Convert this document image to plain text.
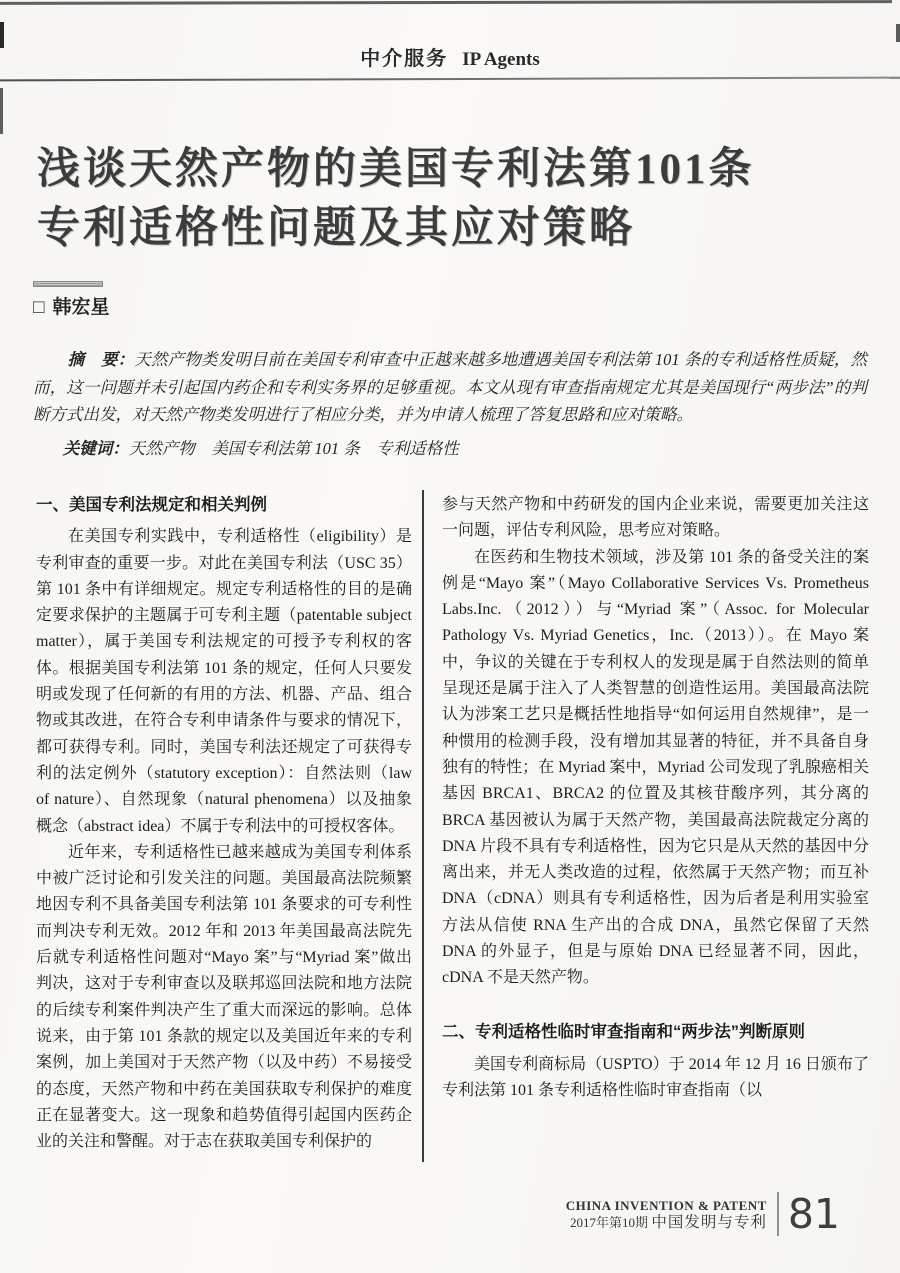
中介服务 IP Agents
浅谈天然产物的美国专利法第101条
专利适格性问题及其应对策略
□ 韩宏星

摘　要：天然产物类发明目前在美国专利审查中正越来越多地遭遇美国专利法第 101 条的专利适格性质疑，然而，这一问题并未引起国内药企和专利实务界的足够重视。本文从现有审查指南规定尤其是美国现行“两步法”的判断方式出发，对天然产物类发明进行了相应分类，并为申请人梳理了答复思路和应对策略。

关键词：天然产物　美国专利法第 101 条　专利适格性

一、美国专利法规定和相关判例

在美国专利实践中，专利适格性（eligibility）是专利审查的重要一步。对此在美国专利法（USC 35）第 101 条中有详细规定。规定专利适格性的目的是确定要求保护的主题属于可专利主题（patentable subject matter），属于美国专利法规定的可授予专利权的客体。根据美国专利法第 101 条的规定，任何人只要发明或发现了任何新的有用的方法、机器、产品、组合物或其改进，在符合专利申请条件与要求的情况下，都可获得专利。同时，美国专利法还规定了可获得专利的法定例外（statutory exception）：自然法则（law of nature）、自然现象（natural phenomena）以及抽象概念（abstract idea）不属于专利法中的可授权客体。

近年来，专利适格性已越来越成为美国专利体系中被广泛讨论和引发关注的问题。美国最高法院频繁地因专利不具备美国专利法第 101 条要求的可专利性而判决专利无效。2012 年和 2013 年美国最高法院先后就专利适格性问题对“Mayo 案”与“Myriad 案”做出判决，这对于专利审查以及联邦巡回法院和地方法院的后续专利案件判决产生了重大而深远的影响。总体说来，由于第 101 条款的规定以及美国近年来的专利案例，加上美国对于天然产物（以及中药）不易接受的态度，天然产物和中药在美国获取专利保护的难度正在显著变大。这一现象和趋势值得引起国内医药企业的关注和警醒。对于志在获取美国专利保护的

参与天然产物和中药研发的国内企业来说，需要更加关注这一问题，评估专利风险，思考应对策略。

在医药和生物技术领域，涉及第 101 条的备受关注的案例是“Mayo 案”（Mayo Collaborative Services Vs. Prometheus Labs.Inc.（2012））与“Myriad 案”（Assoc. for Molecular Pathology Vs. Myriad Genetics，Inc.（2013））。在 Mayo 案中，争议的关键在于专利权人的发现是属于自然法则的简单呈现还是属于注入了人类智慧的创造性运用。美国最高法院认为涉案工艺只是概括性地指导“如何运用自然规律”，是一种惯用的检测手段，没有增加其显著的特征，并不具备自身独有的特性；在 Myriad 案中，Myriad 公司发现了乳腺癌相关基因 BRCA1、BRCA2 的位置及其核苷酸序列，其分离的 BRCA 基因被认为属于天然产物，美国最高法院裁定分离的 DNA 片段不具有专利适格性，因为它只是从天然的基因中分离出来，并无人类改造的过程，依然属于天然产物；而互补 DNA（cDNA）则具有专利适格性，因为后者是利用实验室方法从信使 RNA 生产出的合成 DNA，虽然它保留了天然 DNA 的外显子，但是与原始 DNA 已经显著不同，因此，cDNA 不是天然产物。

二、专利适格性临时审查指南和“两步法”判断原则

美国专利商标局（USPTO）于 2014 年 12 月 16 日颁布了专利法第 101 条专利适格性临时审查指南（以

CHINA INVENTION & PATENT
2017年第10期 中国发明与专利 81
